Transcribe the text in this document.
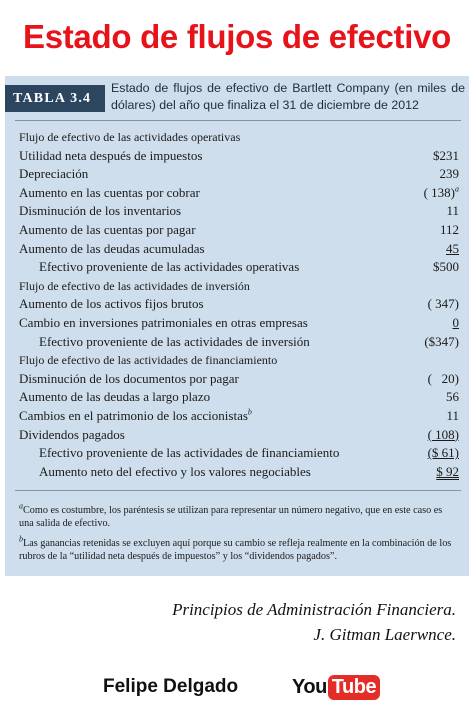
Estado de flujos de efectivo
TABLA 3.4
Estado de flujos de efectivo de Bartlett Company (en miles de dólares) del año que finaliza el 31 de diciembre de 2012
Flujo de efectivo de las actividades operativas
Utilidad neta después de impuestos	$231
Depreciación	239
Aumento en las cuentas por cobrar	( 138)$^a$
Disminución de los inventarios	11
Aumento de las cuentas por pagar	112
Aumento de las deudas acumuladas	45
Efectivo proveniente de las actividades operativas	$500
Flujo de efectivo de las actividades de inversión
Aumento de los activos fijos brutos	( 347)
Cambio en inversiones patrimoniales en otras empresas	0
Efectivo proveniente de las actividades de inversión	($347)
Flujo de efectivo de las actividades de financiamiento
Disminución de los documentos por pagar	(   20)
Aumento de las deudas a largo plazo	56
Cambios en el patrimonio de los accionistas$^b$	11
Dividendos pagados	( 108)
Efectivo proveniente de las actividades de financiamiento	($ 61)
Aumento neto del efectivo y los valores negociables	$ 92
$^a$Como es costumbre, los paréntesis se utilizan para representar un número negativo, que en este caso es una salida de efectivo.
$^b$Las ganancias retenidas se excluyen aquí porque su cambio se refleja realmente en la combinación de los rubros de la “utilidad neta después de impuestos” y los “dividendos pagados”.
Principios de Administración Financiera.
J. Gitman Laerwnce.
Felipe Delgado	You Tube
